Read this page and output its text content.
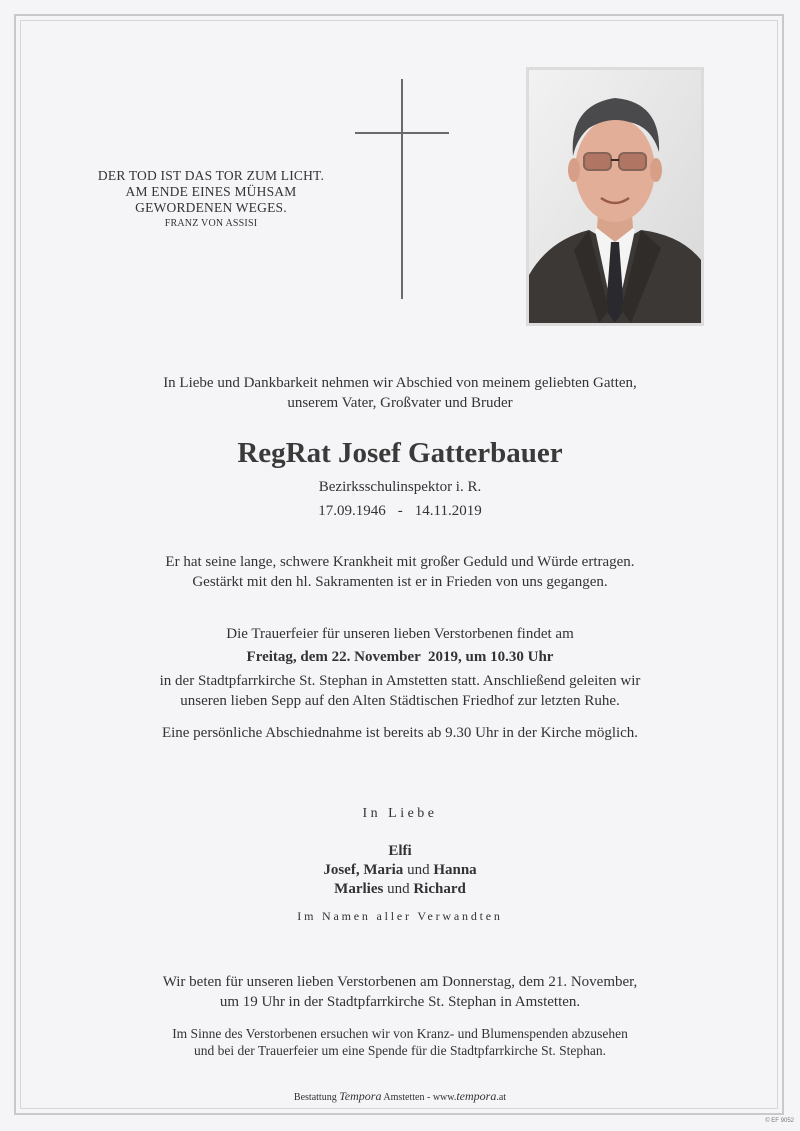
DER TOD IST DAS TOR ZUM LICHT.
AM ENDE EINES MÜHSAM
GEWORDENEN WEGES.
FRANZ VON ASSISI
In Liebe und Dankbarkeit nehmen wir Abschied von meinem geliebten Gatten,
unserem Vater, Großvater und Bruder
RegRat Josef Gatterbauer
Bezirksschulinspektor i. R.
17.09.1946 - 14.11.2019
Er hat seine lange, schwere Krankheit mit großer Geduld und Würde ertragen.
Gestärkt mit den hl. Sakramenten ist er in Frieden von uns gegangen.
Die Trauerfeier für unseren lieben Verstorbenen findet am
Freitag, dem 22. November  2019, um 10.30 Uhr
in der Stadtpfarrkirche St. Stephan in Amstetten statt. Anschließend geleiten wir
unseren lieben Sepp auf den Alten Städtischen Friedhof zur letzten Ruhe.
Eine persönliche Abschiednahme ist bereits ab 9.30 Uhr in der Kirche möglich.
In Liebe
Elfi
Josef, Maria und Hanna
Marlies und Richard
Im Namen aller Verwandten
Wir beten für unseren lieben Verstorbenen am Donnerstag, dem 21. November,
um 19 Uhr in der Stadtpfarrkirche St. Stephan in Amstetten.
Im Sinne des Verstorbenen ersuchen wir von Kranz- und Blumenspenden abzusehen
und bei der Trauerfeier um eine Spende für die Stadtpfarrkirche St. Stephan.
Bestattung Tempora Amstetten - www.tempora.at
© EF 9052
